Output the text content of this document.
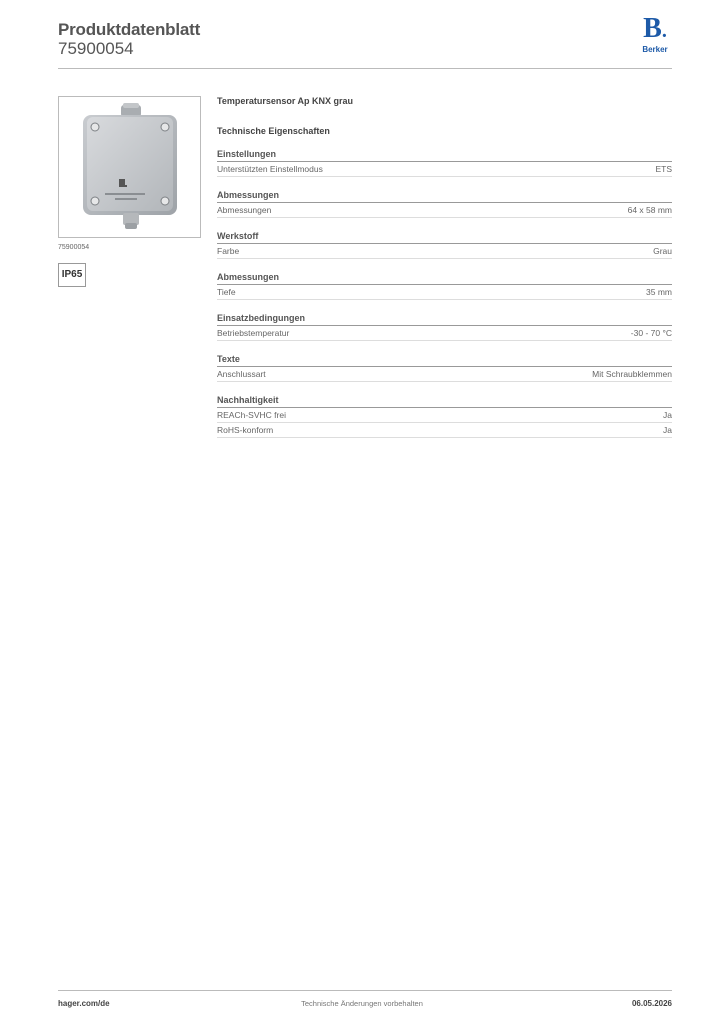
Produktdatenblatt
75900054
B.
Berker
75900054
IP65
Temperatursensor Ap KNX grau
Technische Eigenschaften
Einstellungen
Unterstützten Einstellmodus	ETS
Abmessungen
Abmessungen	64 x 58 mm
Werkstoff
Farbe	Grau
Abmessungen
Tiefe	35 mm
Einsatzbedingungen
Betriebstemperatur	-30 - 70 °C
Texte
Anschlussart	Mit Schraubklemmen
Nachhaltigkeit
REACh-SVHC frei	Ja
RoHS-konform	Ja
hager.com/de	Technische Änderungen vorbehalten	06.05.2026
